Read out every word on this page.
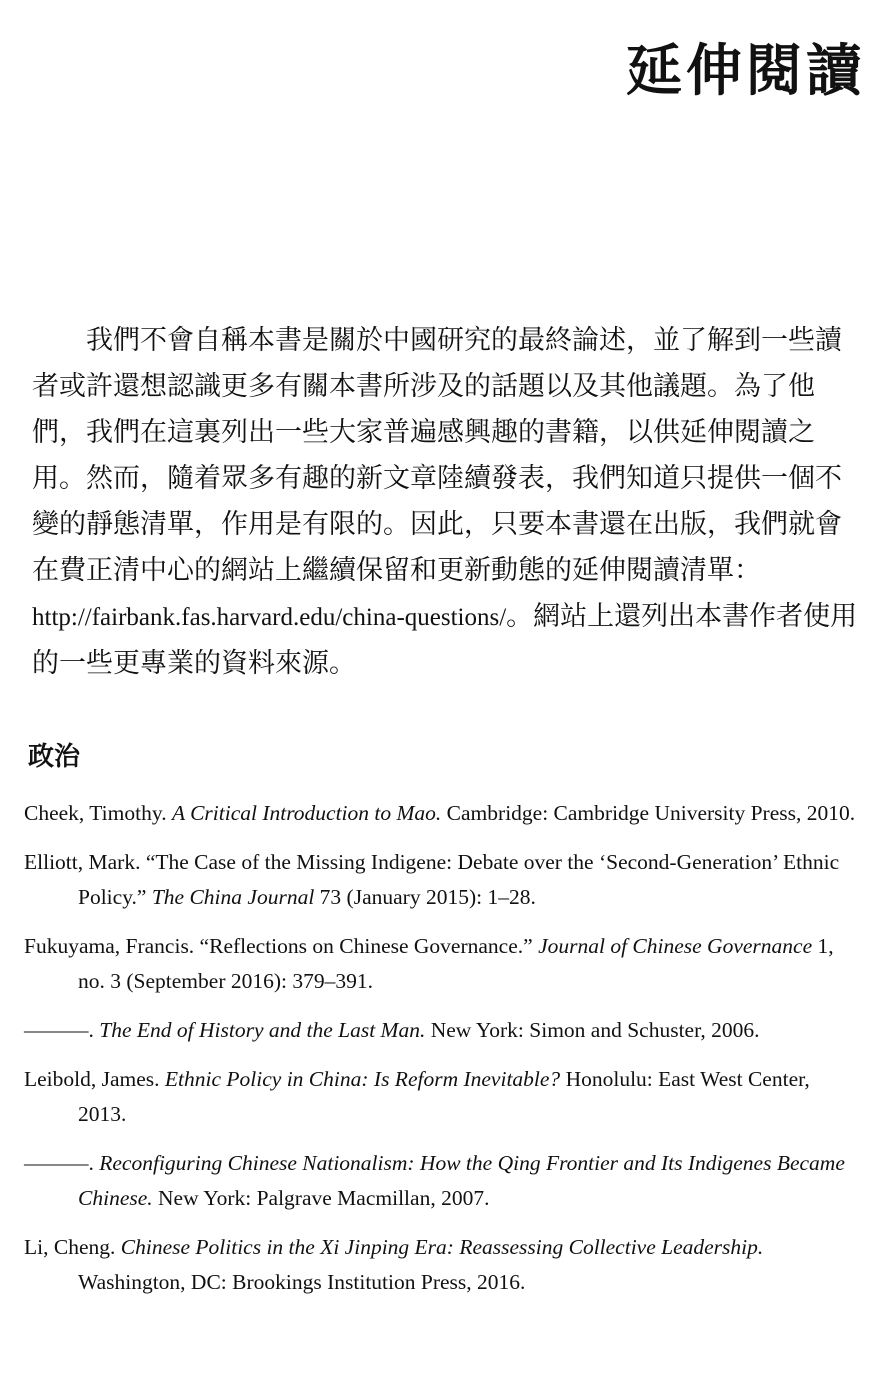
延伸閱讀

我們不會自稱本書是關於中國研究的最終論述，並了解到一些讀者或許還想認識更多有關本書所涉及的話題以及其他議題。為了他們，我們在這裏列出一些大家普遍感興趣的書籍，以供延伸閱讀之用。然而，隨着眾多有趣的新文章陸續發表，我們知道只提供一個不變的靜態清單，作用是有限的。因此，只要本書還在出版，我們就會在費正清中心的網站上繼續保留和更新動態的延伸閱讀清單：http://fairbank.fas.harvard.edu/china-questions/。網站上還列出本書作者使用的一些更專業的資料來源。

政治
Cheek, Timothy. A Critical Introduction to Mao. Cambridge: Cambridge University Press, 2010.
Elliott, Mark. “The Case of the Missing Indigene: Debate over the ‘Second-Generation’ Ethnic Policy.” The China Journal 73 (January 2015): 1–28.
Fukuyama, Francis. “Reflections on Chinese Governance.” Journal of Chinese Governance 1, no. 3 (September 2016): 379–391.
———. The End of History and the Last Man. New York: Simon and Schuster, 2006.
Leibold, James. Ethnic Policy in China: Is Reform Inevitable? Honolulu: East West Center, 2013.
———. Reconfiguring Chinese Nationalism: How the Qing Frontier and Its Indigenes Became Chinese. New York: Palgrave Macmillan, 2007.
Li, Cheng. Chinese Politics in the Xi Jinping Era: Reassessing Collective Leadership. Washington, DC: Brookings Institution Press, 2016.
